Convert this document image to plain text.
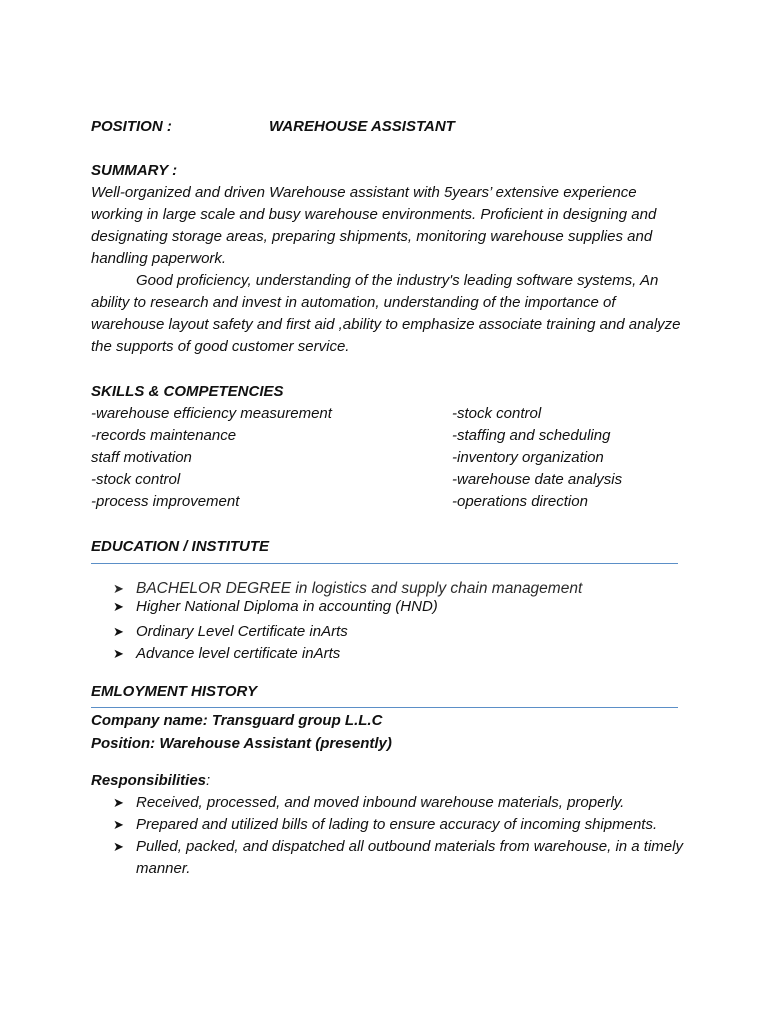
POSITION :	WAREHOUSE ASSISTANT
SUMMARY :
Well-organized and driven Warehouse assistant with 5years’ extensive experience working in large scale and busy warehouse environments. Proficient in designing and designating storage areas, preparing shipments, monitoring warehouse supplies and handling paperwork.
Good proficiency, understanding of the industry's leading software systems, An ability to research and invest in automation, understanding of the importance of warehouse layout safety and first aid ,ability to emphasize associate training and analyze the supports of good customer service.
SKILLS & COMPETENCIES
-warehouse efficiency measurement	-stock control
-records maintenance	-staffing and scheduling
staff motivation	-inventory organization
-stock control	-warehouse date analysis
-process improvement	-operations direction
EDUCATION / INSTITUTE
➤ BACHELOR DEGREE in logistics and supply chain management
➤ Higher National Diploma in accounting (HND)
➤ Ordinary Level Certificate inArts
➤ Advance level certificate inArts
EMLOYMENT HISTORY
Company name: Transguard group L.L.C
Position: Warehouse Assistant (presently)
Responsibilities:
➤ Received, processed, and moved inbound warehouse materials, properly.
➤ Prepared and utilized bills of lading to ensure accuracy of incoming shipments.
➤ Pulled, packed, and dispatched all outbound materials from warehouse, in a timely manner.
